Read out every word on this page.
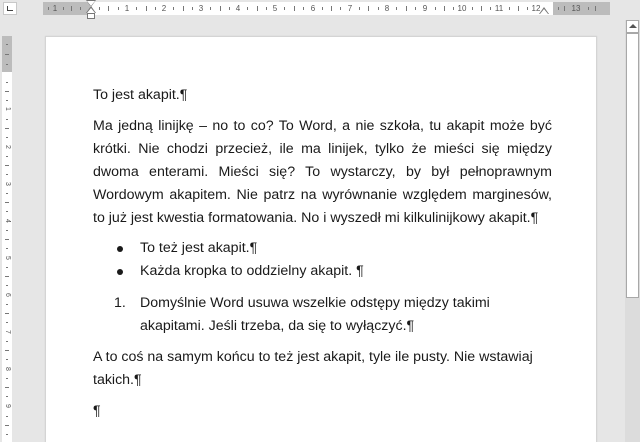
1	1	2	3	4	5	6	7	8	9	10	11	12	13
1
2
3
4
5
6
7
8
9

To jest akapit.¶

Ma jedną linijkę – no to co? To Word, a nie szkoła, tu akapit może być krótki. Nie chodzi przecież, ile ma linijek, tylko że mieści się między dwoma enterami. Mieści się? To wystarczy, by był pełnoprawnym Wordowym akapitem. Nie patrz na wyrównanie względem marginesów, to już jest kwestia formatowania. No i wyszedł mi kilkulinijkowy akapit.¶

To też jest akapit.¶
Każda kropka to oddzielny akapit. ¶
1. Domyślnie Word usuwa wszelkie odstępy między takimi akapitami. Jeśli trzeba, da się to wyłączyć.¶

A to coś na samym końcu to też jest akapit, tyle ile pusty. Nie wstawiaj takich.¶

¶
